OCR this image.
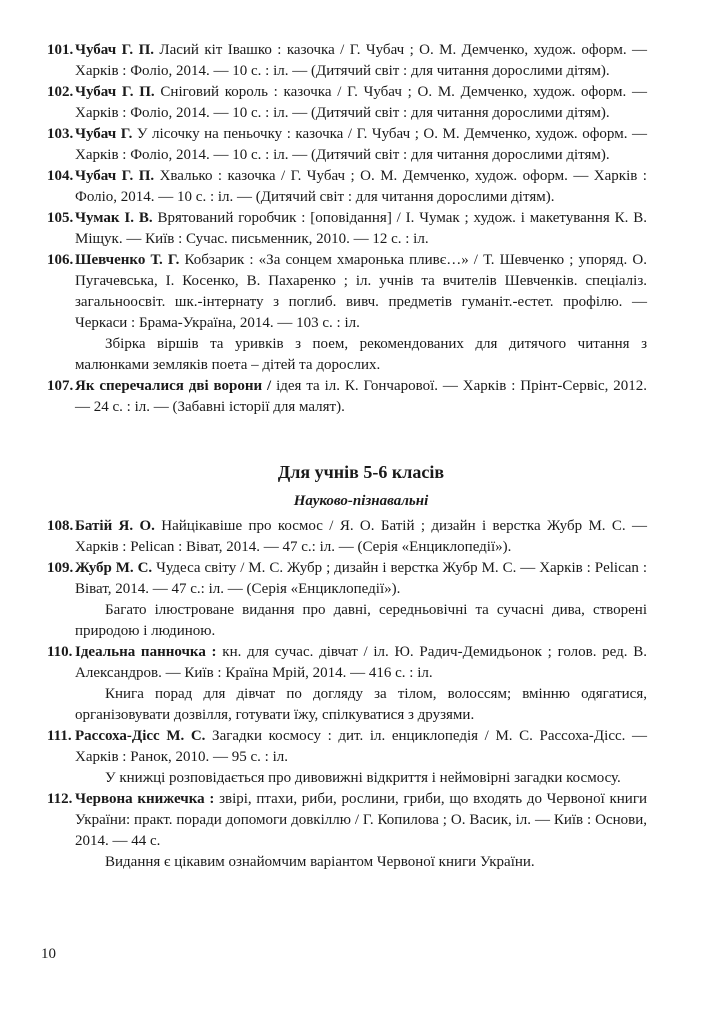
101. Чубач Г. П. Ласий кіт Івашко : казочка / Г. Чубач ; О. М. Демченко, худож. оформ. — Харків : Фоліо, 2014. — 10 с. : іл. — (Дитячий світ : для читання дорослими дітям).
102. Чубач Г. П. Сніговий король : казочка / Г. Чубач ; О. М. Демченко, худож. оформ. — Харків : Фоліо, 2014. — 10 с. : іл. — (Дитячий світ : для читання дорослими дітям).
103. Чубач Г. У лісочку на пеньочку : казочка / Г. Чубач ; О. М. Демченко, худож. оформ. — Харків : Фоліо, 2014. — 10 с. : іл. — (Дитячий світ : для читання дорослими дітям).
104. Чубач Г. П. Хвалько : казочка / Г. Чубач ; О. М. Демченко, худож. оформ. — Харків : Фоліо, 2014. — 10 с. : іл. — (Дитячий світ : для читання дорослими дітям).
105. Чумак І. В. Врятований горобчик : [оповідання] / І. Чумак ; худож. і макетування К. В. Міщук. — Київ : Сучас. письменник, 2010. — 12 с. : іл.
106. Шевченко Т. Г. Кобзарик : «За сонцем хмаронька пливє…» / Т. Шевченко ; упоряд. О. Пугачевська, І. Косенко, В. Пахаренко ; іл. учнів та вчителів Шевченків. спеціаліз. загальноосвіт. шк.-інтернату з поглиб. вивч. предметів гуманіт.-естет. профілю. — Черкаси : Брама-Україна, 2014. — 103 с. : іл.
Збірка віршів та уривків з поем, рекомендованих для дитячого читання з малюнками земляків поета – дітей та дорослих.
107. Як сперечалися дві ворони / ідея та іл. К. Гончарової. — Харків : Прінт-Сервіс, 2012. — 24 с. : іл. — (Забавні історії для малят).
Для учнів 5-6 класів
Науково-пізнавальні
108. Батій Я. О. Найцікавіше про космос / Я. О. Батій ; дизайн і верстка Жубр М. С. — Харків : Pelican : Віват, 2014. — 47 с.: іл. — (Серія «Енциклопедії»).
109. Жубр М. С. Чудеса світу / М. С. Жубр ; дизайн і верстка Жубр М. С. — Харків : Pelican : Віват, 2014. — 47 с.: іл. — (Серія «Енциклопедії»).
Багато ілюстроване видання про давні, середньовічні та сучасні дива, створені природою і людиною.
110. Ідеальна панночка : кн. для сучас. дівчат / іл. Ю. Радич-Демидьонок ; голов. ред. В. Александров. — Київ : Країна Мрій, 2014. — 416 с. : іл.
Книга порад для дівчат по догляду за тілом, волоссям; вмінню одягатися, організовувати дозвілля, готувати їжу, спілкуватися з друзями.
111. Рассоха-Дісс М. С. Загадки космосу : дит. іл. енциклопедія / М. С. Рассоха-Дісс. — Харків : Ранок, 2010. — 95 с. : іл.
У книжці розповідається про дивовижні відкриття і неймовірні загадки космосу.
112. Червона книжечка : звірі, птахи, риби, рослини, гриби, що входять до Червоної книги України: практ. поради допомоги довкіллю / Г. Копилова ; О. Васик, іл. — Київ : Основи, 2014. — 44 с.
Видання є цікавим ознайомчим варіантом Червоної книги України.
10
